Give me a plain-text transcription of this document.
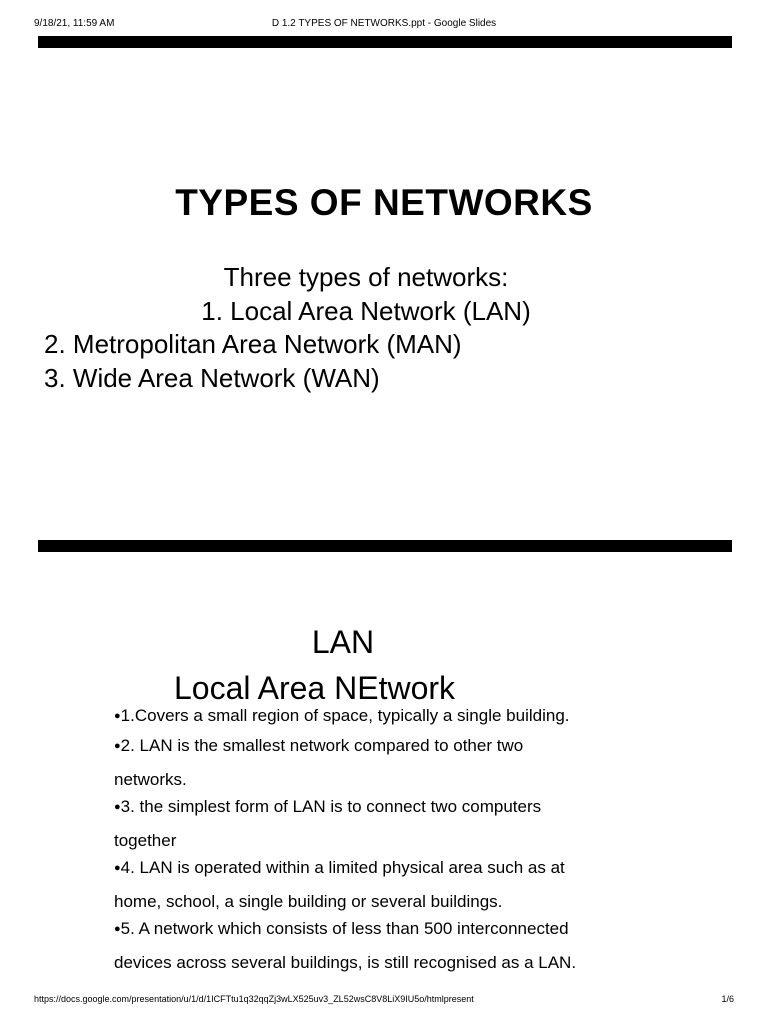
9/18/21, 11:59 AM	D 1.2 TYPES OF NETWORKS.ppt - Google Slides
TYPES OF NETWORKS
Three types of networks:
1. Local Area Network (LAN)
2. Metropolitan Area Network (MAN)
3. Wide Area Network (WAN)
LAN
Local Area NEtwork
●1.Covers a small region of space, typically a single building.
●2. LAN is the smallest network compared to other two
networks.
●3. the simplest form of LAN is to connect two computers
together
●4. LAN is operated within a limited physical area such as at
home, school, a single building or several buildings.
●5. A network which consists of less than 500 interconnected
devices across several buildings, is still recognised as a LAN.
https://docs.google.com/presentation/u/1/d/1ICFTtu1q32qqZj3wLX525uv3_ZL52wsC8V8LiX9IU5o/htmlpresent	1/6
